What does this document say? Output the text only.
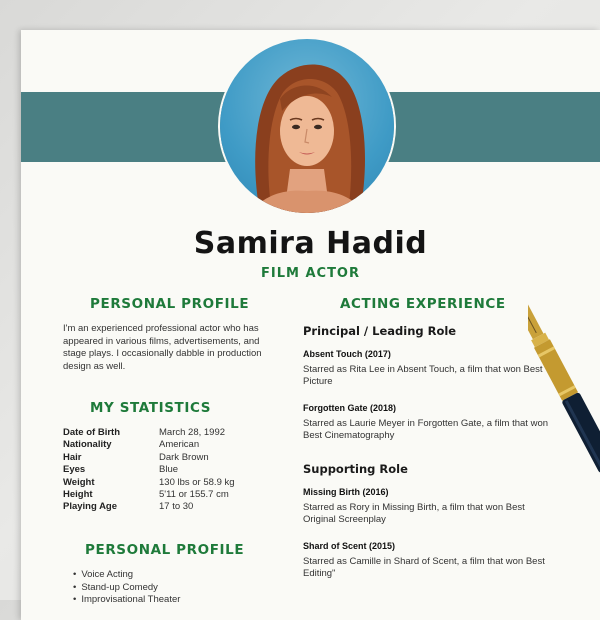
Samira Hadid
FILM ACTOR
PERSONAL PROFILE
I'm an experienced professional actor who has appeared in various films, advertisements, and stage plays. I occasionally dabble in production design as well.
MY STATISTICS
Date of Birth	March 28, 1992
Nationality	American
Hair	Dark Brown
Eyes	Blue
Weight	130 lbs or 58.9 kg
Height	5'11 or 155.7 cm
Playing Age	17 to 30
PERSONAL PROFILE
• Voice Acting
• Stand-up Comedy
• Improvisational Theater
ACTING EXPERIENCE
Principal / Leading Role
Absent Touch (2017)
Starred as Rita Lee in Absent Touch, a film that won Best Picture
Forgotten Gate (2018)
Starred as Laurie Meyer in Forgotten Gate, a film that won Best Cinematography
Supporting Role
Missing Birth (2016)
Starred as Rory in Missing Birth, a film that won Best Original Screenplay
Shard of Scent (2015)
Starred as Camille in Shard of Scent, a film that won Best Editing"
